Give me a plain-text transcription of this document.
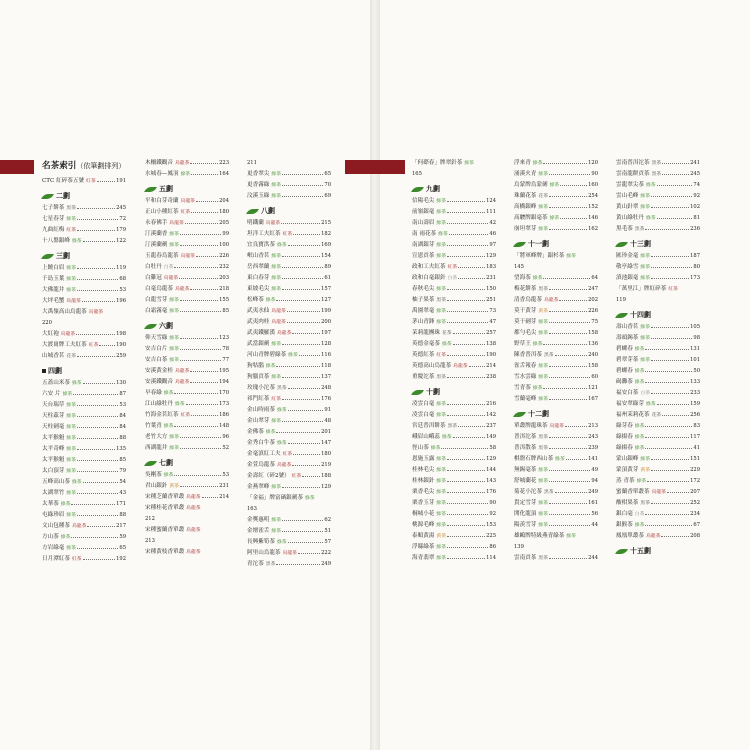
名茶索引（依筆劃排列）
CTC 紅碎茶五號 紅茶	191
二劃
七子餅茶 黑茶	245
七星春芽 綠茶	72
九曲紅梅 紅茶	179
十八盤銀峰 綠茶	122
三劃
上饒白眉 綠茶	119
千島玉葉 綠茶	68
大佛龍井 綠茶	53
大坪毛蟹 烏龍茶	196
大禹嶺高山烏龍茶 烏龍茶
220
大紅袍 烏龍茶	198
大渡崗牌工夫紅茶 紅茶	190
山城香茗 花茶	259
四劃
五蓋山米茶 綠茶	130
六安 片 綠茶	87
天台瑞草 綠茶	53
天柱茲芽 綠茶	84
天柱劍毫 綠茶	84
太平猴魁 綠茶	88
太平奇峰 綠茶	135
太平猴魁 綠茶	85
太白頂芽 綠茶	79
五峰高山茶 綠茶	54
太湖翠竹 綠茶	43
太華茶 綠茶	171
屯綠珍眉 綠茶	88
文山包種茶 烏龍茶	217
方山茶 綠茶	59
方岩綠毫 綠茶	65
日月潭紅茶 紅茶	192
木柵鐵觀音 烏龍茶	223
水城春—鳳羽 綠茶	164
五劃
平和白芽奇蘭 烏龍茶	204
正山小種紅茶 紅茶	180
永春佛手 烏龍茶	205
汀溪蘭香 綠茶	99
汀溪蘭劍 綠茶	100
玉龍春烏龍茶 烏龍茶	226
白牡丹 白茶	232
白雞冠 烏龍茶	203
白毫烏龍茶 烏龍茶	218
白龍雪芽 綠茶	155
白霜霧毫 綠茶	85
六劃
仰天雪綠 綠茶	123
安吉白片 綠茶	78
安吉白茶 綠茶	77
安溪黃金桂 烏龍茶	195
安溪鐵觀音 烏龍茶	194
早春綠 綠茶	170
江山綠牡丹 綠茶	173
竹海金茗紅茶 紅茶	186
竹葉青 綠茶	148
老竹大方 綠茶	96
西湖龍井 綠茶	52
七劃
吳剛茶 綠茶	53
君山銀針 黃茶	231
宋種芝蘭香單叢 烏龍茶	214
宋種桂花香單叢 烏龍茶
212
宋種蜜蘭香單叢 烏龍茶
213
宋種黃枝香單叢 烏龍茶
211
更香翠尖 綠茶	65
更香霧綠 綠茶	70
汶溪玉綠 綠茶	69
八劃
明鐵蘭 烏龍茶	215
坦洋工夫紅茶 紅茶	182
宜良寶洪茶 綠茶	169
岷山香茗 綠茶	154
岳西翠蘭 綠茶	89
東白春芽 綠茶	61
東坡毛尖 綠茶	157
松峰茶 綠茶	127
武夷水仙 烏龍茶	199
武夷肉桂 烏龍茶	200
武夷鐵羅漢 烏龍茶	197
武當銀劍 綠茶	128
河山青牌碧綠茶 綠茶	116
狗牯腦 綠茶	118
狗腦貢茶 綠茶	137
玫瑰小沱茶 黑茶	248
祁門紅茶 紅茶	176
金山時雨茶 綠茶	91
金山翠芽 綠茶	48
金佛茶 綠茶	201
金秀白牛茶 綠茶	147
金毫滇紅工夫 紅茶	180
金萱烏龍茶 烏龍茶	219
金壽紅（碎2號） 紅茶	188
金燕翠峰 綠茶	129
「金福」牌富硒銀劍茶 綠茶
163
金獎惠明 綠茶	62
金壇雀舌 綠茶	51
長興紫筍茶 綠茶	57
阿里山烏龍茶 烏龍茶	222
青沱茶 黑茶	249
「何磜春」牌翠針茶 綠茶
165
九劃
信陽毛尖 綠茶	124
前嶺銀毫 綠茶	111
南山壽眉 綠茶	42
南 雨花茶 綠茶	46
南湖銀芽 綠茶	97
宣恩貢茶 綠茶	129
政和工夫紅茶 紅茶	183
政和白毫銀針 白茶	231
春秋毛尖 綠茶	150
柚子果茶 黑茶	251
禹園翠毫 綠茶	73
茅山青鋒 綠茶	47
茉莉龍團珠 花茶	257
英德金毫茶 綠茶	138
英德紅茶 紅茶	190
英德高山烏龍茶 烏龍茶	214
重慶沱茶 黑茶	238
十劃
凌雲白毫 綠茶	216
凌雲白毫 綠茶	142
宮廷普洱餅茶 黑茶	237
峨眉山峨蕊 綠茶	149
徑山茶 綠茶	58
恩施玉露 綠茶	129
桂林毛尖 綠茶	144
桂林銀針 綠茶	143
栗香毛尖 綠茶	176
栗香玉芽 綠茶	90
桐城小花 綠茶	92
桃源毛峰 綠茶	153
泰順黃湯 黃茶	225
浮縣綠茶 綠茶	86
海青翡翠 綠茶	114
浮來青 綠茶	120
涌溪火青 綠茶	90
烏蒙牌烏蒙劍 綠茶	160
珠蘭花茶 花茶	254
高橋銀峰 綠茶	152
高駿牌銀毫茶 綠茶	146
崩坦翠芽 綠茶	162
十一劃
「將軍峰牌」銀杉茶 綠茶
145
望海茶 綠茶	64
梅花餅茶 黑茶	247
清香烏龍茶 烏龍茶	202
莫干黃芽 黃茶	226
莫干劍芽 綠茶	75
都勻毛尖 綠茶	158
野草王 綠茶	136
陳香普洱茶 黑茶	240
雀舌報春 綠茶	158
雪水雲綠 綠茶	60
雪青茶 綠茶	121
雪蘭毫峰 綠茶	167
十二劃
單叢牌龍珠茶 烏龍茶	213
普洱沱茶 黑茶	243
普洱散茶 黑茶	239
棋盤石牌西山茶 綠茶	141
無錫毫茶 綠茶	49
舒城蘭花 綠茶	94
菊花小沱茶 黑茶	249
貴定雪芽 綠茶	161
開化龍頂 綠茶	56
陽羨雪芽 綠茶	44
雄鷗牌特級燕青綠茶 綠茶
139
雲南貢茶 黑茶	244
雲南普洱沱茶 黑茶	241
雲南龍餅貢茶 黑茶	245
雲龍翠尖茶 綠茶	74
雲山毛峰 綠茶	92
黃山針翠 綠茶	102
黃山綠牡丹 綠茶	81
黑毛茶 黑茶	236
十三劃
匯珍金毫 綠茶	187
敬亭綠雪 綠茶	80
滇池銀毫 綠茶	173
「萬里江」牌紅碎茶 紅茶
119
十四劃
壽山香茗 綠茶	105
壽頭錫茶 綠茶	98
碧螺春 綠茶	131
碧翠芽茶 綠茶	101
碧螺春 綠茶	50
碣灘茶 綠茶	133
福安白茶 白茶	233
福安翠綠芽 綠茶	159
福州茉莉花茶 花茶	256
綠芽春 綠茶	83
綠揚春 綠茶	117
綠揚春 綠茶	41
蒙山銀峰 綠茶	151
蒙頂黃芽 黃茶	229
蒸 青茶 綠茶	172
蜜蘭香單叢茶 烏龍茶	207
酸柑果茶 黑茶	252
銀白毫 白茶	234
銀猴茶 綠茶	67
鳳凰單叢茶 烏龍茶	208
十五劃
